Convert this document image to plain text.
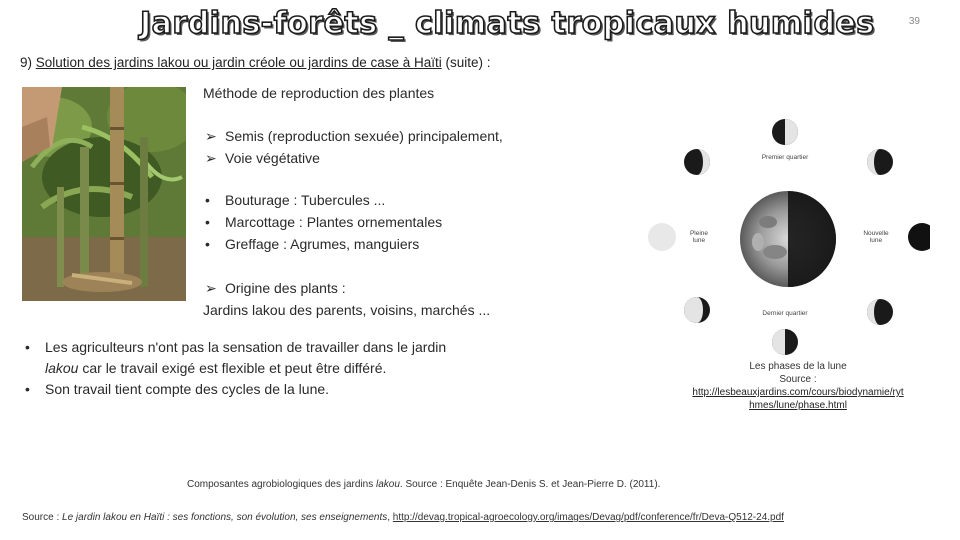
Jardins-forêts _ climats tropicaux humides	39
9) Solution des jardins lakou ou jardin créole ou jardins de case à Haïti (suite) :
Méthode de reproduction des plantes
➢ Semis (reproduction sexuée) principalement,
➢ Voie végétative
• Bouturage : Tubercules ...
• Marcottage : Plantes ornementales
• Greffage : Agrumes, manguiers
➢ Origine des plants :
Jardins lakou des parents, voisins, marchés ...
• Les agriculteurs n'ont pas la sensation de travailler dans le jardin
lakou car le travail exigé est flexible et peut être différé.
• Son travail tient compte des cycles de la lune.
Premier quartier
Pleine lune
Nouvelle lune
Dernier quartier
Les phases de la lune
Source :
http://lesbeauxjardins.com/cours/biodynamie/rythmes/lune/phase.html
Composantes agrobiologiques des jardins lakou. Source : Enquête Jean-Denis S. et Jean-Pierre D. (2011).
Source : Le jardin lakou en Haïti : ses fonctions, son évolution, ses enseignements, http://devag.tropical-agroecology.org/images/Devag/pdf/conference/fr/Deva-Q512-24.pdf
